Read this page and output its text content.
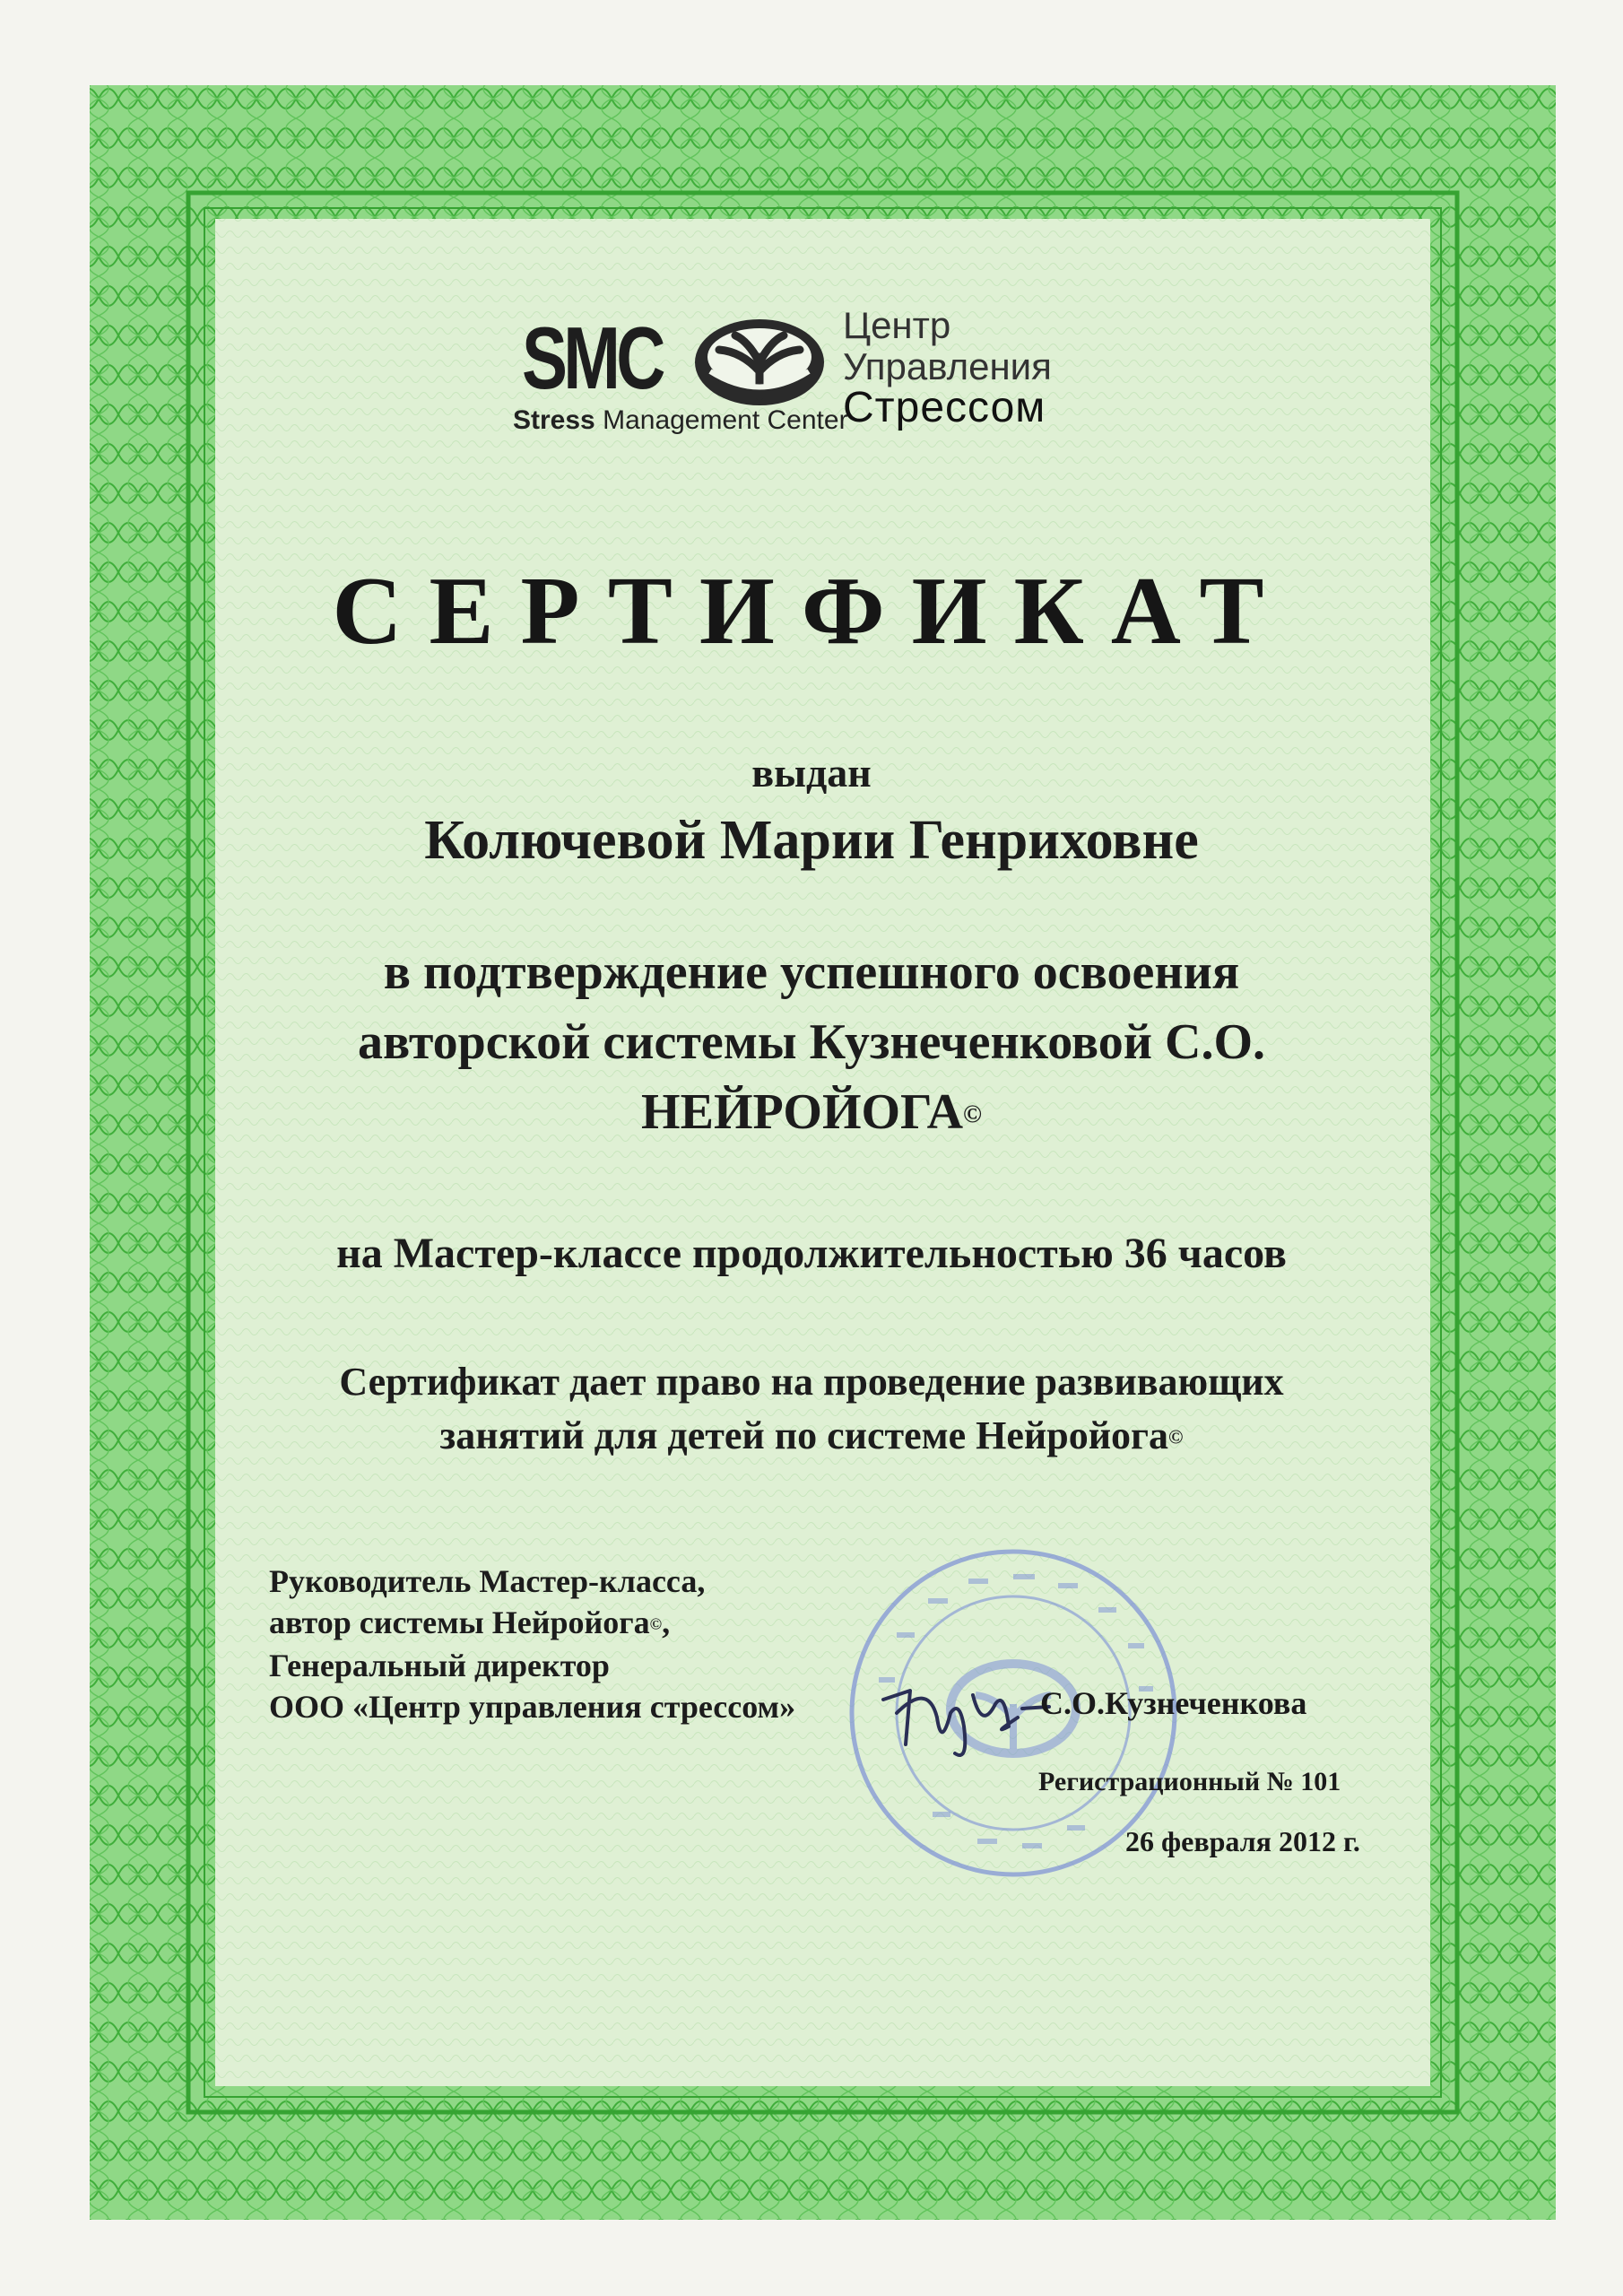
SMC
Stress Management Center
Центр
Управления
Стрессом
СЕРТИФИКАТ
выдан
Колючевой Марии Генриховне
в подтверждение успешного освоения
авторской системы Кузнеченковой С.О.
НЕЙРОЙОГА©
на Мастер-классе продолжительностью 36 часов
Сертификат дает право на проведение развивающих
занятий для детей по системе Нейройога©
Руководитель Мастер-класса,
автор системы Нейройога©,
Генеральный директор
ООО «Центр управления стрессом»	С.О.Кузнеченкова
Регистрационный № 101
26 февраля 2012 г.
